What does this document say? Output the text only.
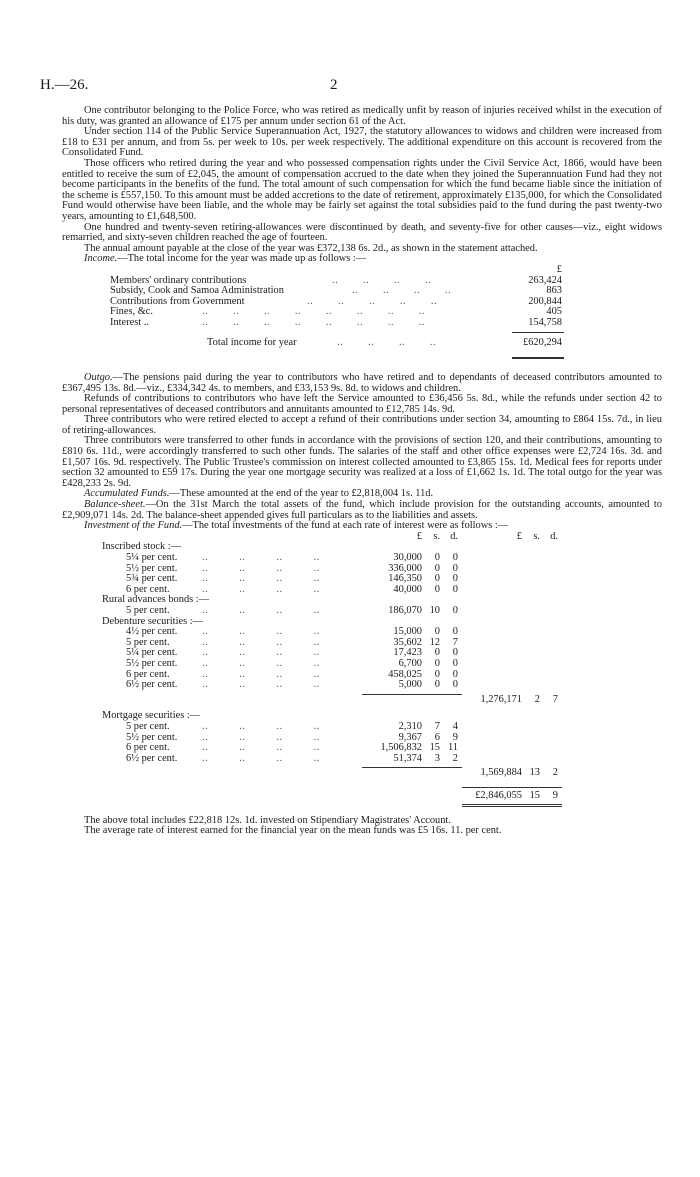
H.—26.	2

One contributor belonging to the Police Force, who was retired as medically unfit by reason of injuries received whilst in the execution of his duty, was granted an allowance of £175 per annum under section 61 of the Act.

Under section 114 of the Public Service Superannuation Act, 1927, the statutory allowances to widows and children were increased from £18 to £31 per annum, and from 5s. per week to 10s. per week respectively. The additional expenditure on this account is recovered from the Consolidated Fund.

Those officers who retired during the year and who possessed compensation rights under the Civil Service Act, 1866, would have been entitled to receive the sum of £2,045, the amount of compensation accrued to the date when they joined the Superannuation Fund had they not become participants in the benefits of the fund. The total amount of such compensation for which the fund became liable since the initiation of the scheme is £557,150. To this amount must be added accretions to the date of retirement, approximately £135,000, for which the Consolidated Fund would otherwise have been liable, and the whole may be fairly set against the total subsidies paid to the fund during the past twenty-two years, amounting to £1,648,500.

One hundred and twenty-seven retiring-allowances were discontinued by death, and seventy-five for other causes—viz., eight widows remarried, and sixty-seven children reached the age of fourteen.

The annual amount payable at the close of the year was £372,138 6s. 2d., as shown in the statement attached.

Income.—The total income for the year was made up as follows :—

£
Members' ordinary contributions	..        ..        ..        ..	263,424
Subsidy, Cook and Samoa Administration	..        ..        ..        ..	863
Contributions from Government	..        ..        ..        ..        ..	200,844
Fines, &c.	..        ..        ..        ..        ..        ..        ..        ..	405
Interest ..	..        ..        ..        ..        ..        ..        ..        ..	154,758
Total income for year	..        ..        ..        ..	£620,294

Outgo.—The pensions paid during the year to contributors who have retired and to dependants of deceased contributors amounted to £367,495 13s. 8d.—viz., £334,342 4s. to members, and £33,153 9s. 8d. to widows and children.

Refunds of contributions to contributors who have left the Service amounted to £36,456 5s. 8d., while the refunds under section 42 to personal representatives of deceased contributors and annuitants amounted to £12,785 14s. 9d.

Three contributors who were retired elected to accept a refund of their contributions under section 34, amounting to £864 15s. 7d., in lieu of retiring-allowances.

Three contributors were transferred to other funds in accordance with the provisions of section 120, and their contributions, amounting to £810 6s. 11d., were accordingly transferred to such other funds. The salaries of the staff and other office expenses were £2,724 16s. 3d. and £1,507 16s. 9d. respectively. The Public Trustee's commission on interest collected amounted to £3,865 15s. 1d. Medical fees for reports under section 32 amounted to £59 17s. During the year one mortgage security was realized at a loss of £1,662 1s. 1d. The total outgo for the year was £428,233 2s. 9d.

Accumulated Funds.—These amounted at the end of the year to £2,818,004 1s. 11d.

Balance-sheet.—On the 31st March the total assets of the fund, which include provision for the outstanding accounts, amounted to £2,909,071 14s. 2d. The balance-sheet appended gives full particulars as to the liabilities and assets.

Investment of the Fund.—The total investments of the fund at each rate of interest were as follows :—

£	s. d.	£	s. d.
Inscribed stock :—
5¼ per cent. ..          ..          ..          ..	30,000	0	0
5½ per cent. ..          ..          ..          ..	336,000	0	0
5¾ per cent. ..          ..          ..          ..	146,350	0	0
6 per cent.	..          ..          ..          ..	40,000	0	0
Rural advances bonds :—
5 per cent.	..          ..          ..          ..	186,070 10	0
Debenture securities :—
4½ per cent. ..          ..          ..          ..	15,000	0	0
5 per cent.	..          ..          ..          ..	35,602 12	7
5¼ per cent. ..          ..          ..          ..	17,423	0	0
5½ per cent. ..          ..          ..          ..	6,700	0	0
6 per cent.	..          ..          ..          ..	458,025	0	0
6½ per cent. ..          ..          ..          ..	5,000	0	0
1,276,171	2	7
Mortgage securities :—
5 per cent.	..          ..          ..          ..	2,310	7	4
5½ per cent. ..          ..          ..          ..	9,367	6	9
6 per cent.	..          ..          ..          ..	1,506,832 15 11
6½ per cent. ..          ..          ..          ..	51,374	3	2
1,569,884 13	2
£2,846,055 15	9

The above total includes £22,818 12s. 1d. invested on Stipendiary Magistrates' Account.

The average rate of interest earned for the financial year on the mean funds was £5 16s. 11. per cent.
